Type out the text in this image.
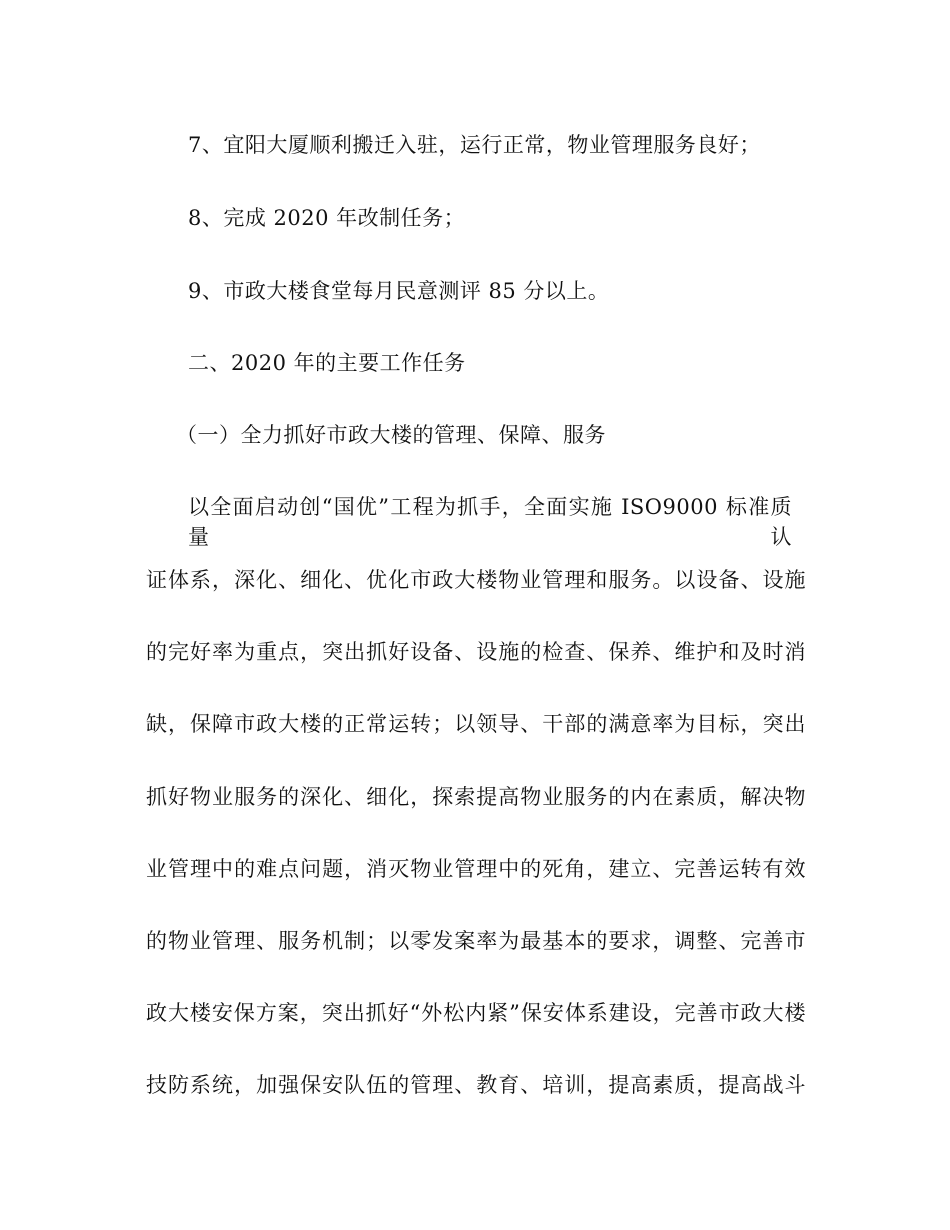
7、宜阳大厦顺利搬迁入驻，运行正常，物业管理服务良好；
8、完成 2020 年改制任务；
9、市政大楼食堂每月民意测评 85 分以上。
二、2020 年的主要工作任务
（一）全力抓好市政大楼的管理、保障、服务
以全面启动创“国优”工程为抓手，全面实施 ISO9000 标准质量认
证体系，深化、细化、优化市政大楼物业管理和服务。以设备、设施
的完好率为重点，突出抓好设备、设施的检查、保养、维护和及时消
缺，保障市政大楼的正常运转；以领导、干部的满意率为目标，突出
抓好物业服务的深化、细化，探索提高物业服务的内在素质，解决物
业管理中的难点问题，消灭物业管理中的死角，建立、完善运转有效
的物业管理、服务机制；以零发案率为最基本的要求，调整、完善市
政大楼安保方案，突出抓好“外松内紧”保安体系建设，完善市政大楼
技防系统，加强保安队伍的管理、教育、培训，提高素质，提高战斗
